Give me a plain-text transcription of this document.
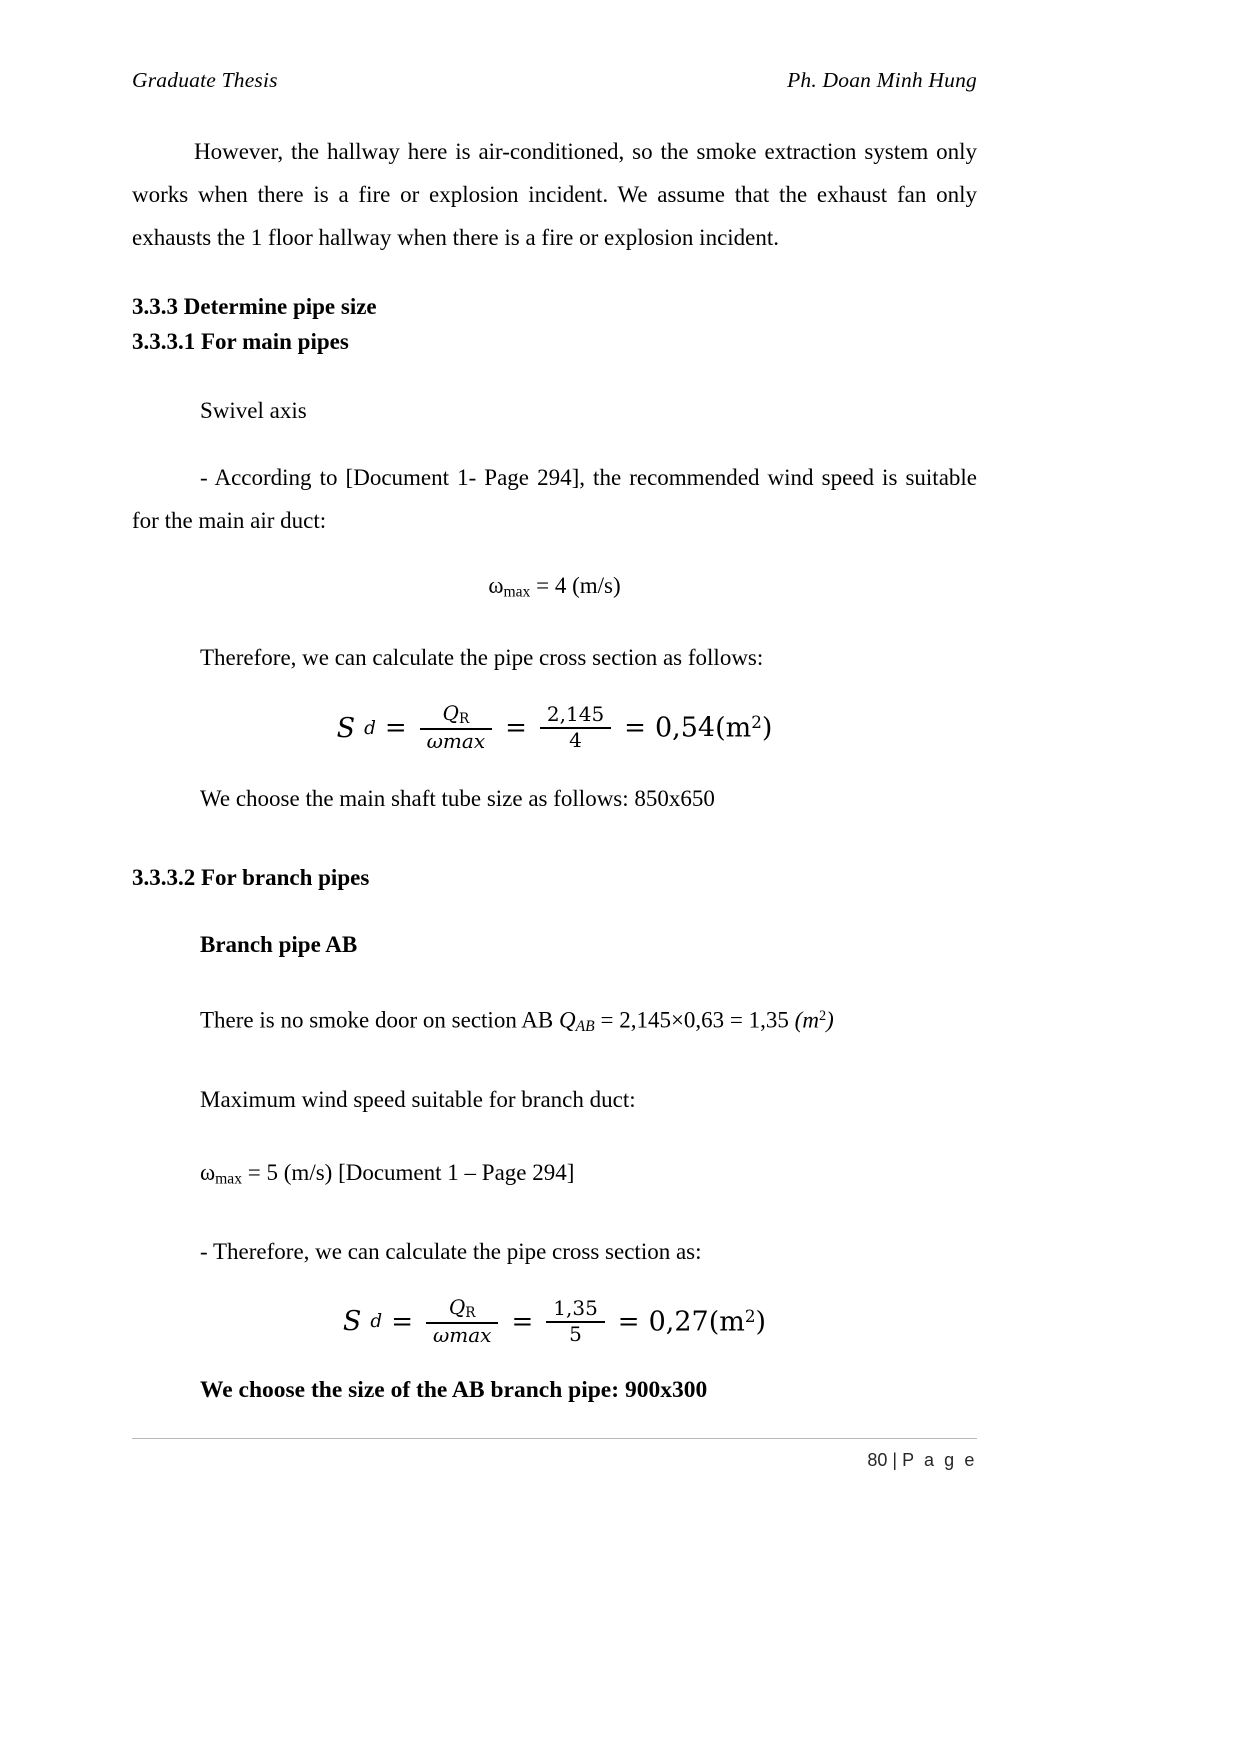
Graduate Thesis	Ph. Doan Minh Hung

However, the hallway here is air-conditioned, so the smoke extraction system only works when there is a fire or explosion incident. We assume that the exhaust fan only exhausts the 1 floor hallway when there is a fire or explosion incident.

3.3.3 Determine pipe size
3.3.3.1 For main pipes
Swivel axis

- According to [Document 1- Page 294], the recommended wind speed is suitable for the main air duct:

$\omega_{max} = 4$ (m/s)
Therefore, we can calculate the pipe cross section as follows:
S $d = \frac{Q_R}{\omega\max} = \frac{2,145}{4} = 0,54(m^2)$
We choose the main shaft tube size as follows: 850x650
3.3.3.2 For branch pipes
Branch pipe AB
There is no smoke door on section AB $Q_{AB} = 2,145\times 0,63 = 1,35$ $(m^2)$
Maximum wind speed suitable for branch duct:
$\omega_{max} = 5$ (m/s) [Document 1 – Page 294]
- Therefore, we can calculate the pipe cross section as:
S $d = \frac{Q_R}{\omega\max} = \frac{1,35}{5} = 0,27(m^2)$
We choose the size of the AB branch pipe: 900x300
80 | P a g e
